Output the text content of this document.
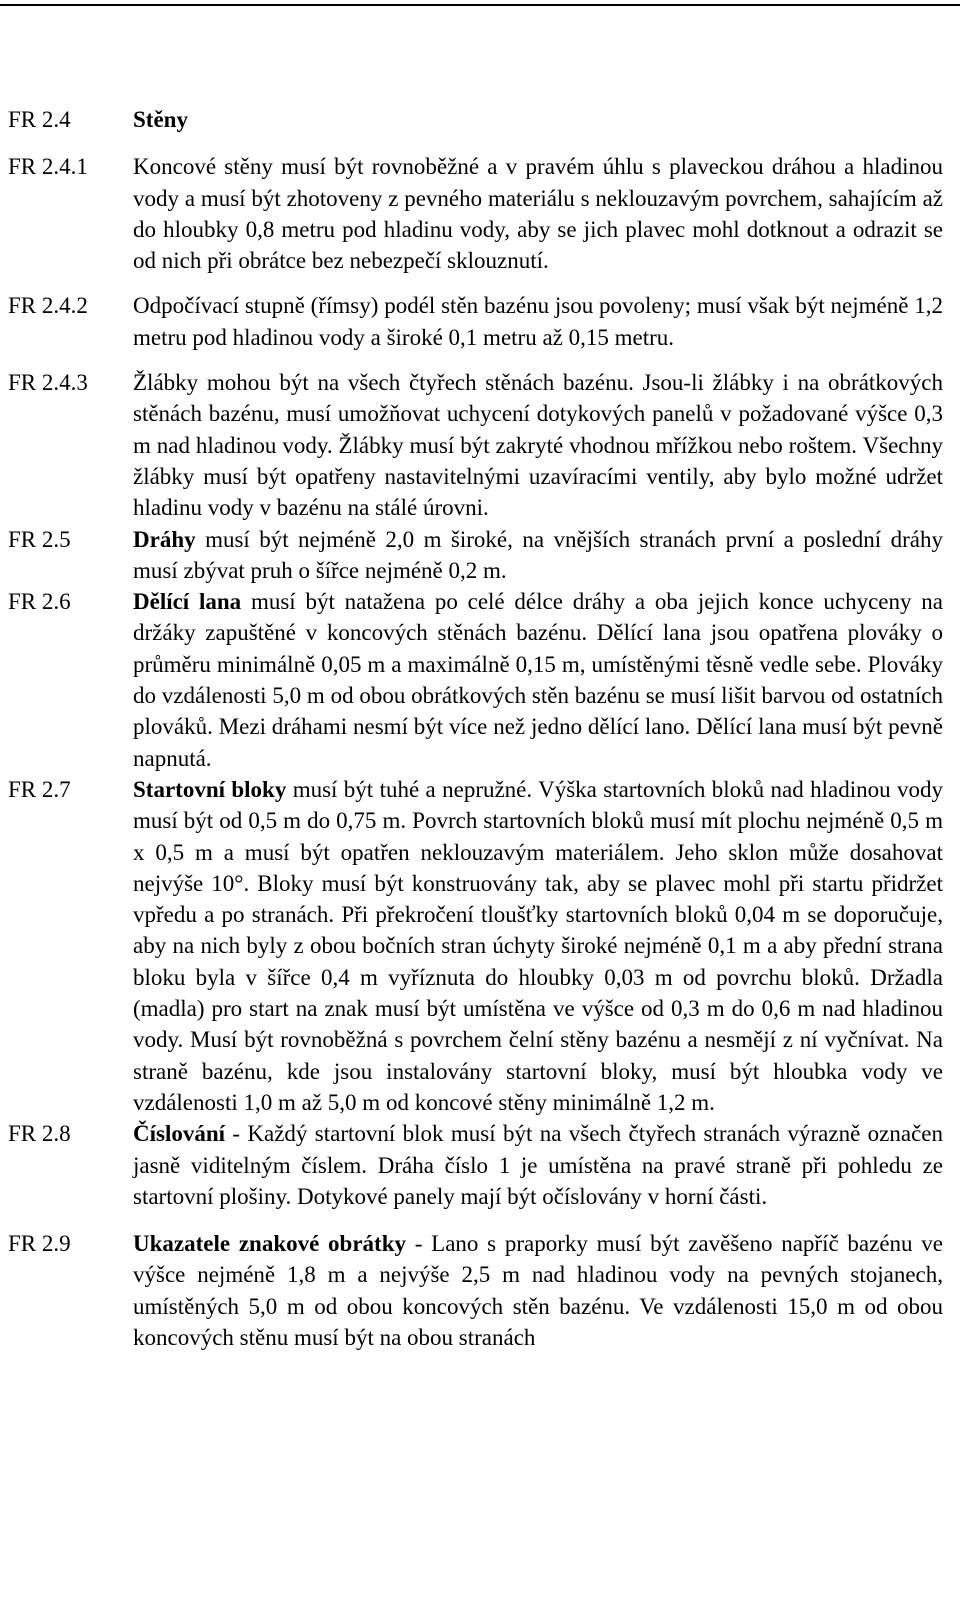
FR 2.4	Stěny
FR 2.4.1	Koncové stěny musí být rovnoběžné a v pravém úhlu s plaveckou dráhou a hladinou vody a musí být zhotoveny z pevného materiálu s neklouzavým povrchem, sahajícím až do hloubky 0,8 metru pod hladinu vody, aby se jich plavec mohl dotknout a odrazit se od nich při obrátce bez nebezpečí sklouznutí.
FR 2.4.2	Odpočívací stupně (římsy) podél stěn bazénu jsou povoleny; musí však být nejméně 1,2 metru pod hladinou vody a široké 0,1 metru až 0,15 metru.
FR 2.4.3	Žlábky mohou být na všech čtyřech stěnách bazénu. Jsou-li žlábky i na obrátkových stěnách bazénu, musí umožňovat uchycení dotykových panelů v požadované výšce 0,3 m nad hladinou vody. Žlábky musí být zakryté vhodnou mřížkou nebo roštem. Všechny žlábky musí být opatřeny nastavitelnými uzavíracími ventily, aby bylo možné udržet hladinu vody v bazénu na stálé úrovni.
FR 2.5	Dráhy musí být nejméně 2,0 m široké, na vnějších stranách první a poslední dráhy musí zbývat pruh o šířce nejméně 0,2 m.
FR 2.6	Dělící lana musí být natažena po celé délce dráhy a oba jejich konce uchyceny na držáky zapuštěné v koncových stěnách bazénu. Dělící lana jsou opatřena plováky o průměru minimálně 0,05 m a maximálně 0,15 m, umístěnými těsně vedle sebe. Plováky do vzdálenosti 5,0 m od obou obrátkových stěn bazénu se musí lišit barvou od ostatních plováků. Mezi dráhami nesmí být více než jedno dělící lano. Dělící lana musí být pevně napnutá.
FR 2.7	Startovní bloky musí být tuhé a nepružné. Výška startovních bloků nad hladinou vody musí být od 0,5 m do 0,75 m. Povrch startovních bloků musí mít plochu nejméně 0,5 m x 0,5 m a musí být opatřen neklouzavým materiálem. Jeho sklon může dosahovat nejvýše 10°. Bloky musí být konstruovány tak, aby se plavec mohl při startu přidržet vpředu a po stranách. Při překročení tloušťky startovních bloků 0,04 m se doporučuje, aby na nich byly z obou bočních stran úchyty široké nejméně 0,1 m a aby přední strana bloku byla v šířce 0,4 m vyříznuta do hloubky 0,03 m od povrchu bloků. Držadla (madla) pro start na znak musí být umístěna ve výšce od 0,3 m do 0,6 m nad hladinou vody. Musí být rovnoběžná s povrchem čelní stěny bazénu a nesmějí z ní vyčnívat. Na straně bazénu, kde jsou instalovány startovní bloky, musí být hloubka vody ve vzdálenosti 1,0 m až 5,0 m od koncové stěny minimálně 1,2 m.
FR 2.8	Číslování - Každý startovní blok musí být na všech čtyřech stranách výrazně označen jasně viditelným číslem. Dráha číslo 1 je umístěna na pravé straně při pohledu ze startovní plošiny. Dotykové panely mají být očíslovány v horní části.
FR 2.9	Ukazatele znakové obrátky - Lano s praporky musí být zavěšeno napříč bazénu ve výšce nejméně 1,8 m a nejvýše 2,5 m nad hladinou vody na pevných stojanech, umístěných 5,0 m od obou koncových stěn bazénu. Ve vzdálenosti 15,0 m od obou koncových stěnu musí být na obou stranách
